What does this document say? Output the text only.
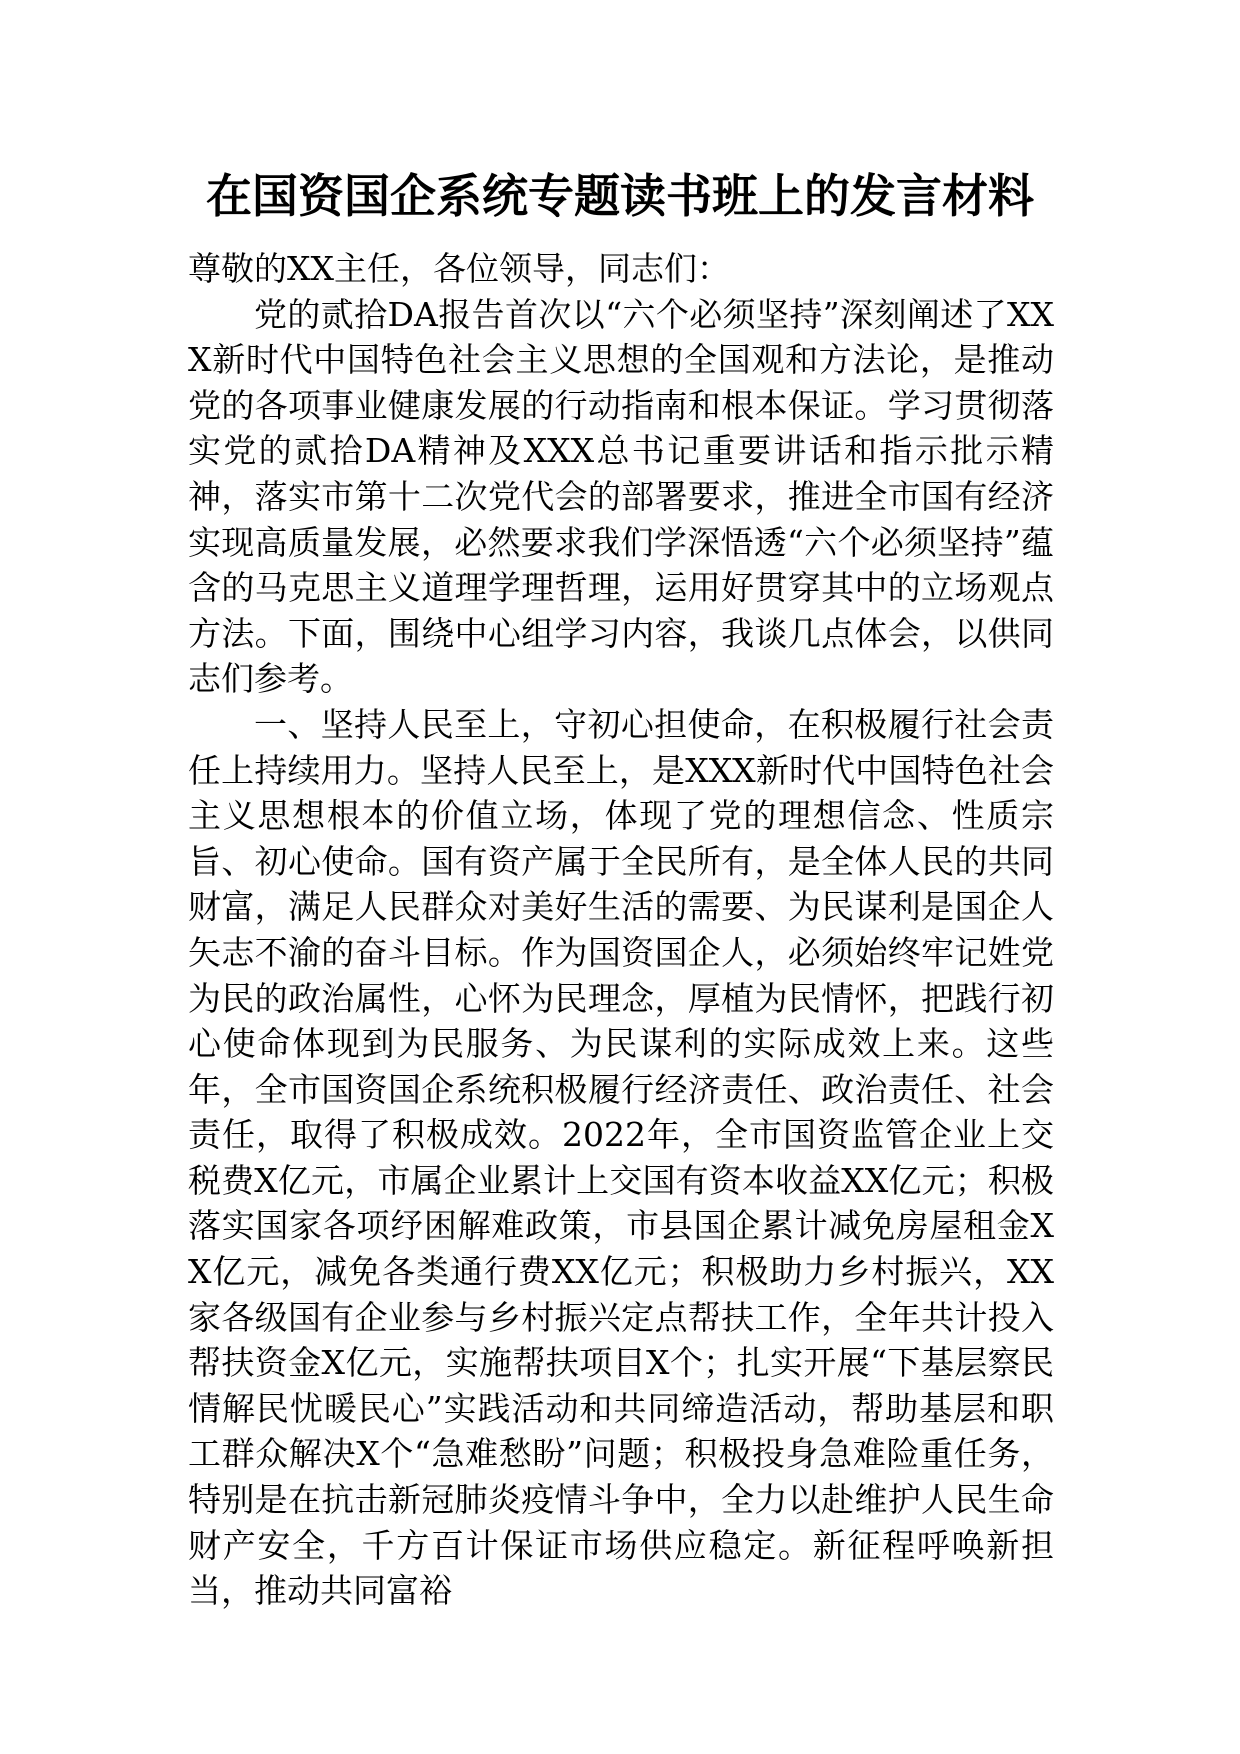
在国资国企系统专题读书班上的发言材料

尊敬的XX主任，各位领导，同志们：

党的贰拾DA报告首次以“六个必须坚持”深刻阐述了XXX新时代中国特色社会主义思想的全国观和方法论，是推动党的各项事业健康发展的行动指南和根本保证。学习贯彻落实党的贰拾DA精神及XXX总书记重要讲话和指示批示精神，落实市第十二次党代会的部署要求，推进全市国有经济实现高质量发展，必然要求我们学深悟透“六个必须坚持”蕴含的马克思主义道理学理哲理，运用好贯穿其中的立场观点方法。下面，围绕中心组学习内容，我谈几点体会，以供同志们参考。

一、坚持人民至上，守初心担使命，在积极履行社会责任上持续用力。坚持人民至上，是XXX新时代中国特色社会主义思想根本的价值立场，体现了党的理想信念、性质宗旨、初心使命。国有资产属于全民所有，是全体人民的共同财富，满足人民群众对美好生活的需要、为民谋利是国企人矢志不渝的奋斗目标。作为国资国企人，必须始终牢记姓党为民的政治属性，心怀为民理念，厚植为民情怀，把践行初心使命体现到为民服务、为民谋利的实际成效上来。这些年，全市国资国企系统积极履行经济责任、政治责任、社会责任，取得了积极成效。2022年，全市国资监管企业上交税费X亿元，市属企业累计上交国有资本收益XX亿元；积极落实国家各项纾困解难政策，市县国企累计减免房屋租金XX亿元，减免各类通行费XX亿元；积极助力乡村振兴，XX家各级国有企业参与乡村振兴定点帮扶工作，全年共计投入帮扶资金X亿元，实施帮扶项目X个；扎实开展“下基层察民情解民忧暖民心”实践活动和共同缔造活动，帮助基层和职工群众解决X个“急难愁盼”问题；积极投身急难险重任务，特别是在抗击新冠肺炎疫情斗争中，全力以赴维护人民生命财产安全，千方百计保证市场供应稳定。新征程呼唤新担当，推动共同富裕
